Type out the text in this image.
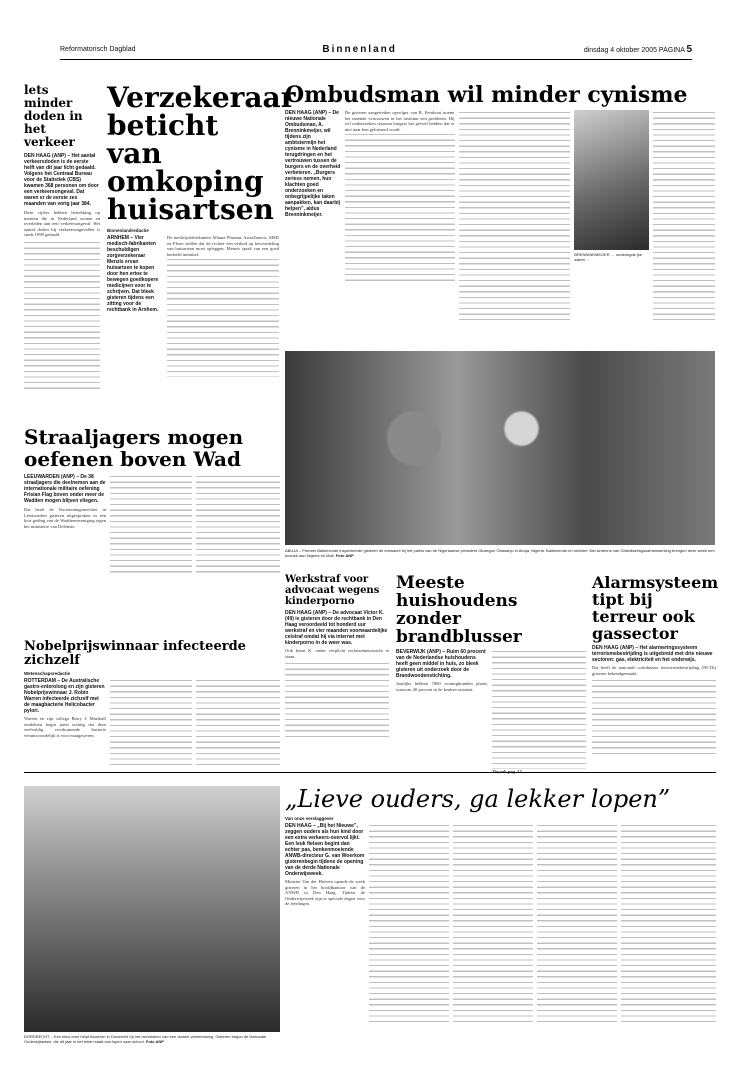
Reformatorisch Dagblad	Binnenland	dinsdag 4 oktober 2005 PAGINA 5
lets minder doden in het verkeer
DEN HAAG (ANP) – Het aantal verkeersdoden is de eerste helft van dit jaar licht gedaald. Volgens het Centraal Bureau voor de Statistiek (CBS) kwamen 368 personen om door een verkeersongeval. Dat waren er de eerste zes maanden van vorig jaar 384.
Deze cijfers hebben betrekking op mensen die in Nederland wonen en overleden aan een verkeersongeval. Het aantal doden bij verkeersongevallen is sinds 1998 gedaald.
Verzekeraar beticht van omkoping huisartsen
Binnenlandredactie
ARNHEM – Vier medisch-fabrikanten beschuldigen zorgverzekeraar Menzis ervan huisartsen te kopen door hen ertoe te bewegen goedkopere medicijnen voor te schrijven. Dat bleek gisteren tijdens een zitting voor de rechtbank in Arnhem.
De medicijnfabrikanten Allianz Pharma, AstraZeneca, MSD en Pfizer stellen dat de rechter een verbod op bevoordeling van huisartsen moet opleggen. Menzis sprak van een goed bedoeld initiatief.
Ombudsman wil minder cynisme
DEN HAAG (ANP) – De nieuwe Nationale Ombudsman, A. Brenninkmeijer, wil tijdens zijn ambtstermijn het cynisme in Nederland terugdringen en het vertrouwen tussen de burgers en de overheid verbeteren. „Burgers zeriess nemen, hun klachten goed onderzoeken en onbegrijpelijke taken aanpakken, kan daarbij helpen”, aldus Brenninkmeijer.
De gisteren aangetreden opvolger van R. Fernhout noemt het tanende vertrouwen in het instituut een probleem. Hij wil onderzoeken waarom burgers het gevoel hebben dat er niet naar hen geluisterd wordt.
BRENNINKMEIJER … onderuigde jke zaken …
ABUJA – Premier Balkenende inspecteerde gisteren de erewacht bij het paleis van de Nigeriaanse president Olusegun Obasanjo in Abuja, Nigeria. Balkenende en minister Van Ardenne van Ontwikkelingssamenwerking brengen deze week een bezoek aan Nigeria en Mali. Foto ANP
Straaljagers mogen oefenen boven Wad
LEEUWARDEN (ANP) – De 38 straaljagers die deelnemen aan de internationale militaire oefening Frisian Flag boven onder meer de Wadden mogen blijven vliegen.
Dat heeft de Voorzieningenrechter in Leeuwarden gisteren uitgesproken in een kort geding van de Waddenvereniging tegen het ministerie van Defensie.
Werkstraf voor advocaat wegens kinderporno
DEN HAAG (ANP) – De advocaat Victor K. (49) is gisteren door de rechtbank in Den Haag veroordeeld tot honderd uur werkstraf en vier maanden voorwaardelijke celstraf omdat hij via internet met kinderporno in de weer was.
Ook komt K. onder verplicht reclassentetoezicht te staan.
Meeste huishoudens zonder brandblusser
BEVERWIJK (ANP) – Ruim 60 procent van de Nederlandse huishoudens heeft geen middel in huis, zo bleek gisteren uit onderzoek door de Brandwondenstichting.
Jaarlijks hebben 7000 woningbranden plaats, waarvan 40 procent in de keuken ontstaat.
Alarmsysteem tipt bij terreur ook gassector
DEN HAAG (ANP) – Het alarmeringssysteem terrorismebestrijding is uitgebreid met drie nieuwe sectoren: gas, elektriciteit en het onderwijs.
Dat heeft de nationale coördinator terrorismebestrijding (NCTb) gisteren bekendgemaakt.
Nobelprijswinnaar infecteerde zichzelf
Wetenschapsredactie
ROTTERDAM – De Australische gastro-enteroloog en zijn gisteren Nobelprijswinnaar J. Robin Warren infecteerde zichzelf met de maagbacterie Helicobacter pylori.
Warren en zijn collega Barry J. Marshall ontdekten begin jaren tachtig dat deze veelvuldig voorkomende bacterie verantwoordelijk is voor maagzweren.
DORDRECHT – Een kluw oren helpt kinderen in Dordrecht bij het oversteken van een drukke verkeersweg. Gisteren begon de Nationale Onderwijsweek, die dit jaar in het teken staat van lopen naar school. Foto ANP
„Lieve ouders, ga lekker lopen”
Van onze verslaggever
DEN HAAG – „Bij het Nieuwe”, zeggen ouders als hun kind door een extra verkeers-overvol lijkt. Een leuk fietsen begint dan echter pas, benkenmoeiende ANWB-directeur G. van Woerkom gisterenbegin tijdens de opening van de derde Nationale Onderwijsweek.
Minister Van der Hoeven opende de week gisteren in het hoofdkantoor van de ANWB in Den Haag. Tijdens de Onderwijsweek zijn er speciale dagen voor de leerlingen.
